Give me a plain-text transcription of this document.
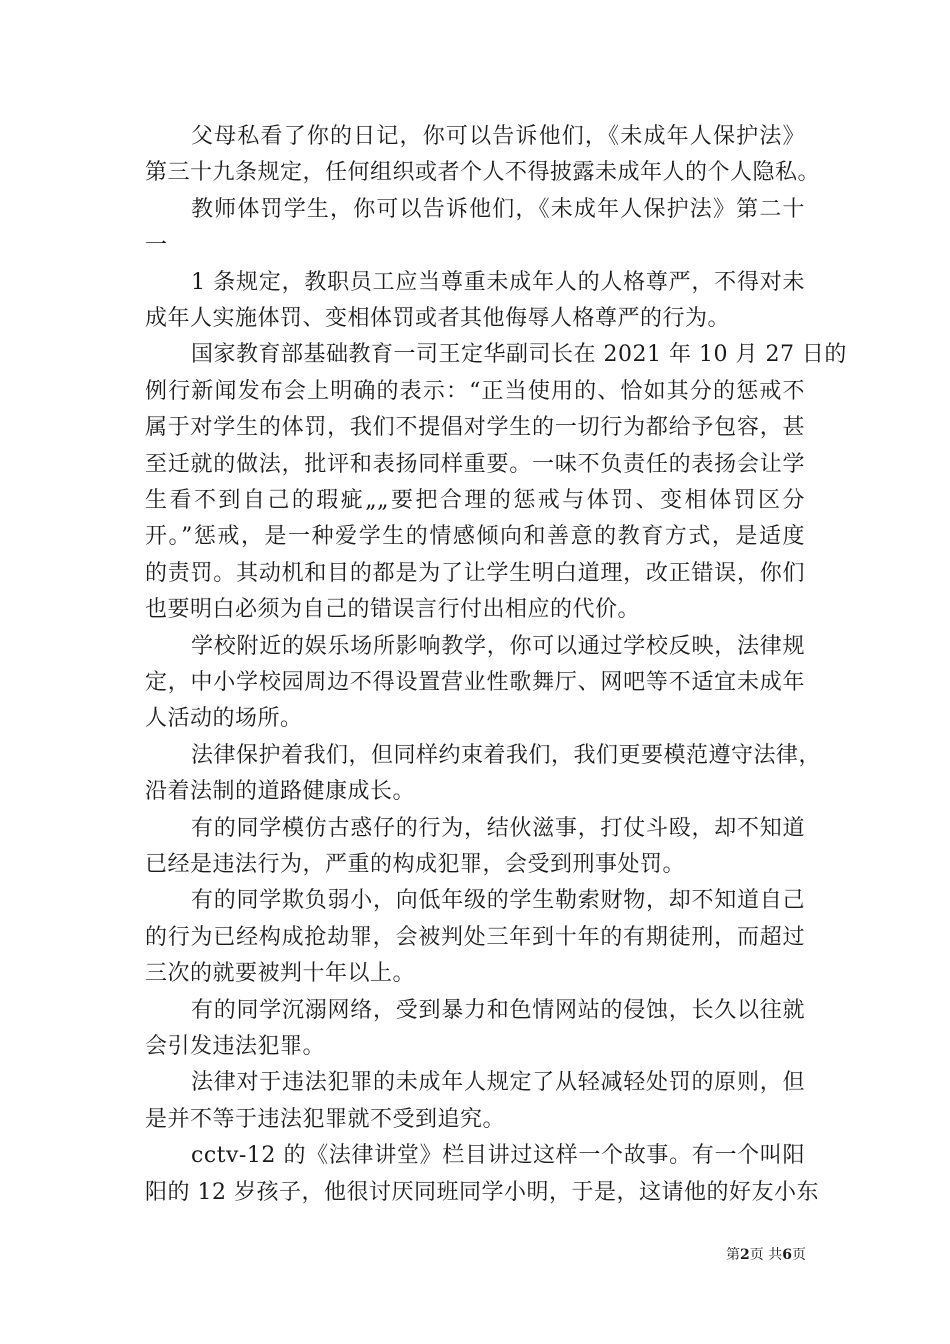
父母私看了你的日记，你可以告诉他们，《未成年人保护法》
第三十九条规定，任何组织或者个人不得披露未成年人的个人隐私。
教师体罚学生，你可以告诉他们，《未成年人保护法》第二十
一
1 条规定，教职员工应当尊重未成年人的人格尊严，不得对未
成年人实施体罚、变相体罚或者其他侮辱人格尊严的行为。
国家教育部基础教育一司王定华副司长在 2021 年 10 月 27 日的
例行新闻发布会上明确的表示：“正当使用的、恰如其分的惩戒不
属于对学生的体罚，我们不提倡对学生的一切行为都给予包容，甚
至迁就的做法，批评和表扬同样重要。一味不负责任的表扬会让学
生看不到自己的瑕疵„„要把合理的惩戒与体罚、变相体罚区分
开。”惩戒，是一种爱学生的情感倾向和善意的教育方式，是适度
的责罚。其动机和目的都是为了让学生明白道理，改正错误，你们
也要明白必须为自己的错误言行付出相应的代价。
学校附近的娱乐场所影响教学，你可以通过学校反映，法律规
定，中小学校园周边不得设置营业性歌舞厅、网吧等不适宜未成年
人活动的场所。
法律保护着我们，但同样约束着我们，我们更要模范遵守法律，
沿着法制的道路健康成长。
有的同学模仿古惑仔的行为，结伙滋事，打仗斗殴，却不知道
已经是违法行为，严重的构成犯罪，会受到刑事处罚。
有的同学欺负弱小，向低年级的学生勒索财物，却不知道自己
的行为已经构成抢劫罪，会被判处三年到十年的有期徒刑，而超过
三次的就要被判十年以上。
有的同学沉溺网络，受到暴力和色情网站的侵蚀，长久以往就
会引发违法犯罪。
法律对于违法犯罪的未成年人规定了从轻减轻处罚的原则，但
是并不等于违法犯罪就不受到追究。
cctv-12 的《法律讲堂》栏目讲过这样一个故事。有一个叫阳
阳的 12 岁孩子，他很讨厌同班同学小明，于是，这请他的好友小东
第2页 共6页
